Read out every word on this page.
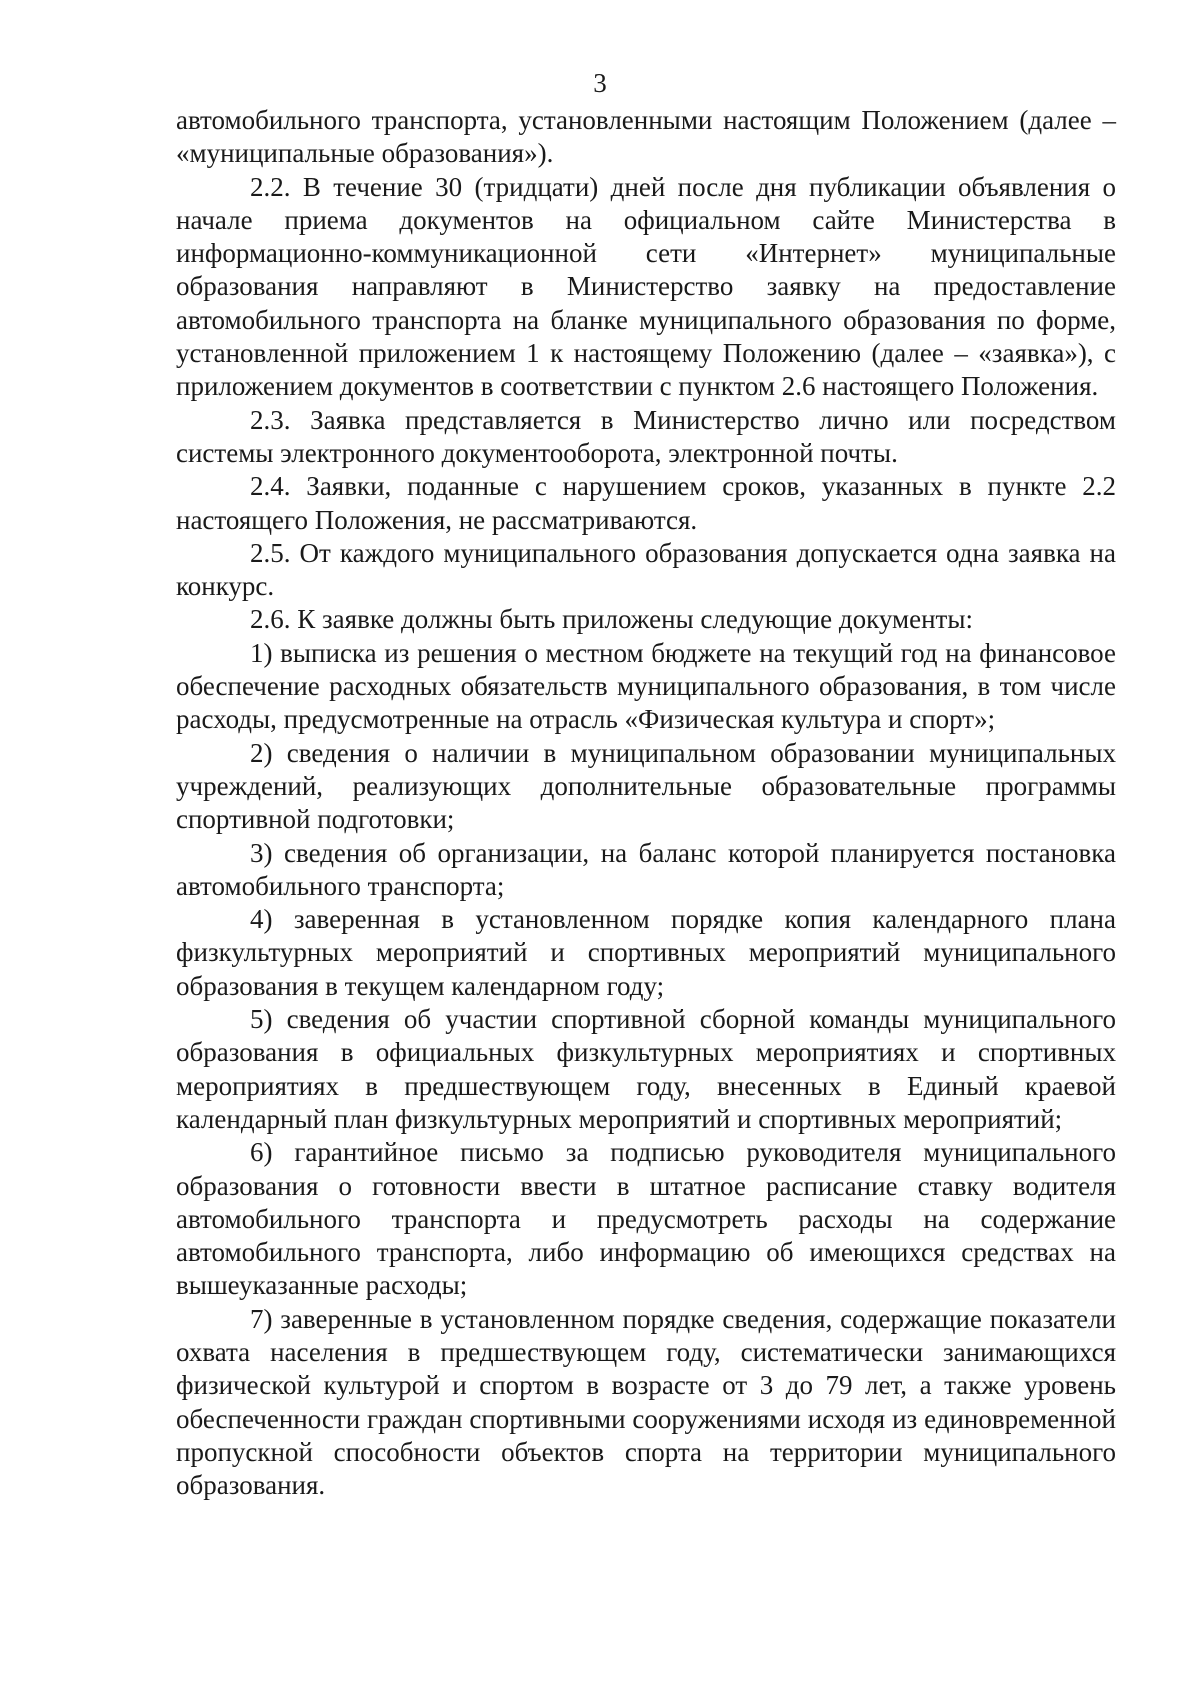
3

автомобильного транспорта, установленными настоящим Положением (далее – «муниципальные образования»).

2.2. В течение 30 (тридцати) дней после дня публикации объявления о начале приема документов на официальном сайте Министерства в информационно-коммуникационной сети «Интернет» муниципальные образования направляют в Министерство заявку на предоставление автомобильного транспорта на бланке муниципального образования по форме, установленной приложением 1 к настоящему Положению (далее – «заявка»), с приложением документов в соответствии с пунктом 2.6 настоящего Положения.

2.3. Заявка представляется в Министерство лично или посредством системы электронного документооборота, электронной почты.

2.4. Заявки, поданные с нарушением сроков, указанных в пункте 2.2 настоящего Положения, не рассматриваются.

2.5. От каждого муниципального образования допускается одна заявка на конкурс.

2.6. К заявке должны быть приложены следующие документы:

1) выписка из решения о местном бюджете на текущий год на финансовое обеспечение расходных обязательств муниципального образования, в том числе расходы, предусмотренные на отрасль «Физическая культура и спорт»;

2) сведения о наличии в муниципальном образовании муниципальных учреждений, реализующих дополнительные образовательные программы спортивной подготовки;

3) сведения об организации, на баланс которой планируется постановка автомобильного транспорта;

4) заверенная в установленном порядке копия календарного плана физкультурных мероприятий и спортивных мероприятий муниципального образования в текущем календарном году;

5) сведения об участии спортивной сборной команды муниципального образования в официальных физкультурных мероприятиях и спортивных мероприятиях в предшествующем году, внесенных в Единый краевой календарный план физкультурных мероприятий и спортивных мероприятий;

6) гарантийное письмо за подписью руководителя муниципального образования о готовности ввести в штатное расписание ставку водителя автомобильного транспорта и предусмотреть расходы на содержание автомобильного транспорта, либо информацию об имеющихся средствах на вышеуказанные расходы;

7) заверенные в установленном порядке сведения, содержащие показатели охвата населения в предшествующем году, систематически занимающихся физической культурой и спортом в возрасте от 3 до 79 лет, а также уровень обеспеченности граждан спортивными сооружениями исходя из единовременной пропускной способности объектов спорта на территории муниципального образования.
